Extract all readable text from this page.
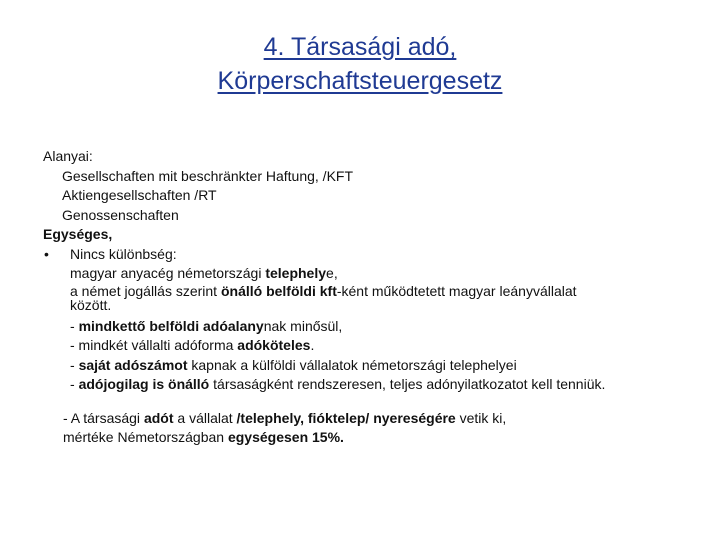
4. Társasági adó,
Körperschaftsteuergesetz
Alanyai:
Gesellschaften mit beschränkter Haftung, /KFT
Aktiengesellschaften /RT
Genossenschaften
Egységes,
• Nincs különbség:
magyar anyacég németországi telephelye,
a német jogállás szerint önálló belföldi kft-ként működtetett magyar leányvállalat
között.
- mindkettő belföldi adóalanynak minősül,
- mindkét vállalti adóforma adóköteles.
- saját adószámot kapnak a külföldi vállalatok németországi telephelyei
- adójogilag is önálló társaságként rendszeresen, teljes adónyilatkozatot kell tenniük.
- A társasági adót a vállalat /telephely, fióktelep/ nyereségére vetik ki,
mértéke Németországban egységesen 15%.
